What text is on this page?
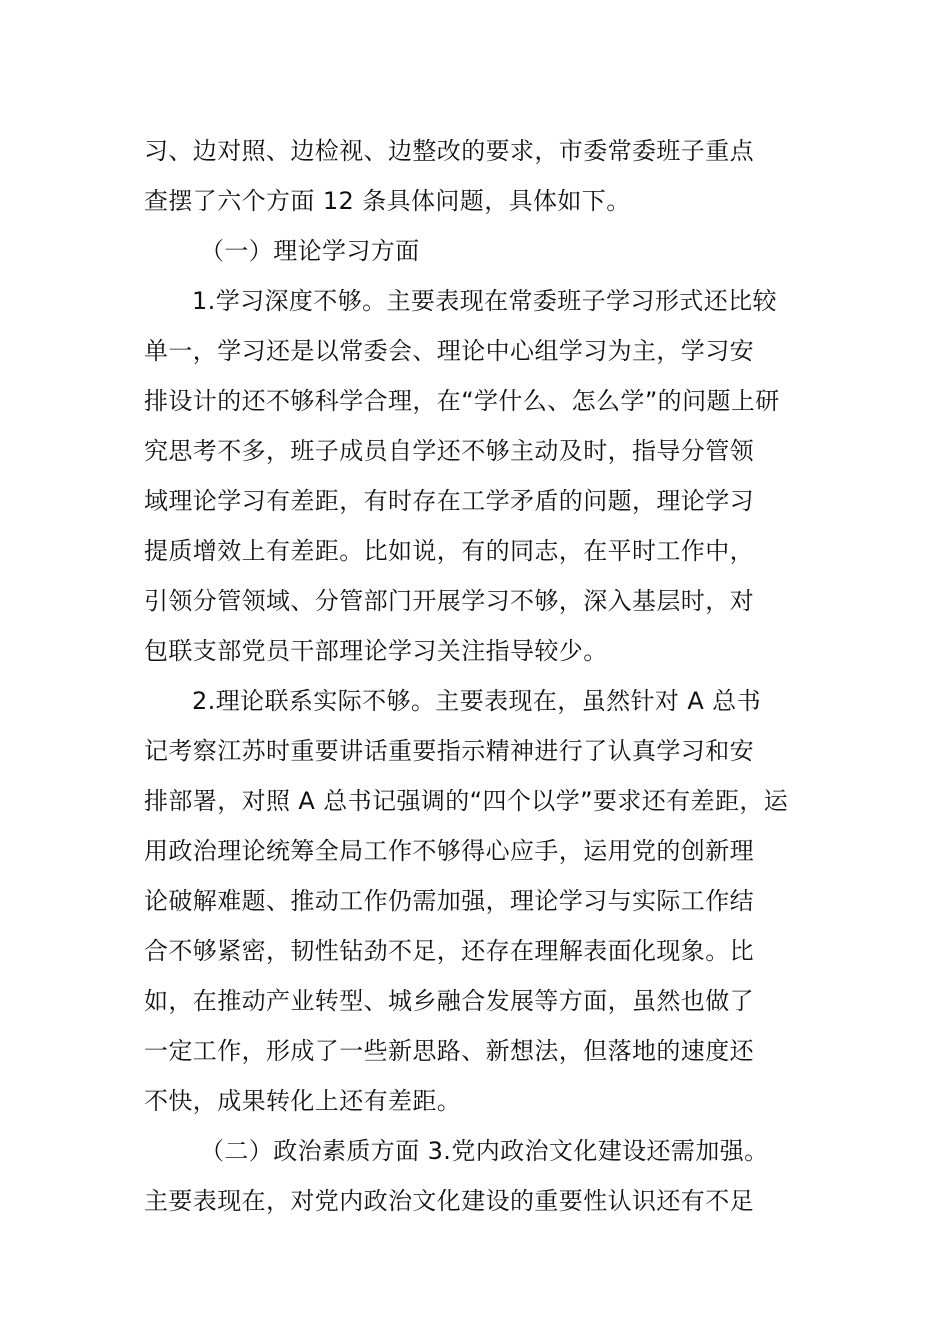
习、边对照、边检视、边整改的要求，市委常委班子重点
查摆了六个方面 12 条具体问题，具体如下。
（一）理论学习方面
1.学习深度不够。主要表现在常委班子学习形式还比较
单一，学习还是以常委会、理论中心组学习为主，学习安
排设计的还不够科学合理，在“学什么、怎么学”的问题上研
究思考不多，班子成员自学还不够主动及时，指导分管领
域理论学习有差距，有时存在工学矛盾的问题，理论学习
提质增效上有差距。比如说，有的同志，在平时工作中，
引领分管领域、分管部门开展学习不够，深入基层时，对
包联支部党员干部理论学习关注指导较少。
2.理论联系实际不够。主要表现在，虽然针对 A 总书
记考察江苏时重要讲话重要指示精神进行了认真学习和安
排部署，对照 A 总书记强调的“四个以学”要求还有差距，运
用政治理论统筹全局工作不够得心应手，运用党的创新理
论破解难题、推动工作仍需加强，理论学习与实际工作结
合不够紧密，韧性钻劲不足，还存在理解表面化现象。比
如，在推动产业转型、城乡融合发展等方面，虽然也做了
一定工作，形成了一些新思路、新想法，但落地的速度还
不快，成果转化上还有差距。
（二）政治素质方面 3.党内政治文化建设还需加强。
主要表现在，对党内政治文化建设的重要性认识还有不足
